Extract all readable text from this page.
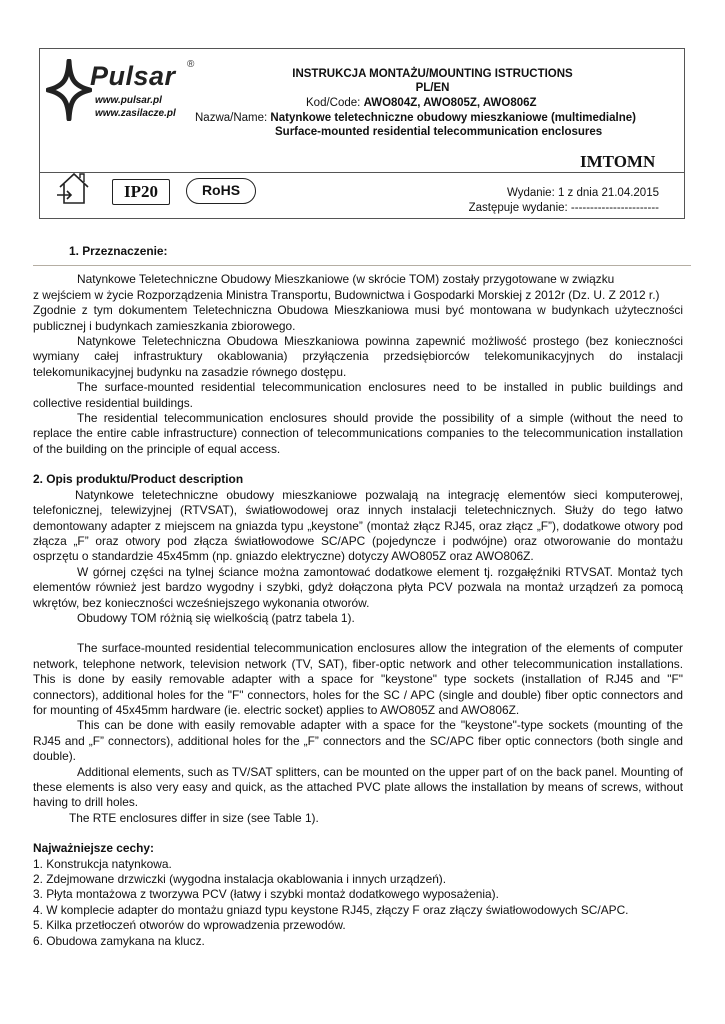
Pulsar ®
www.pulsar.pl
www.zasilacze.pl
INSTRUKCJA MONTAŻU/MOUNTING ISTRUCTIONS
PL/EN
Kod/Code: AWO804Z, AWO805Z, AWO806Z
Nazwa/Name: Natynkowe teletechniczne obudowy mieszkaniowe (multimedialne)
Surface-mounted residential telecommunication enclosures
IMTOMN
IP20	RoHS	Wydanie: 1 z dnia 21.04.2015
Zastępuje wydanie: -----------------------

1. Przeznaczenie:

Natynkowe Teletechniczne Obudowy Mieszkaniowe (w skrócie TOM) zostały przygotowane w związku

z wejściem w życie Rozporządzenia Ministra Transportu, Budownictwa i Gospodarki Morskiej z 2012r (Dz. U. Z 2012 r.)

Zgodnie z tym dokumentem Teletechniczna Obudowa Mieszkaniowa musi być montowana w budynkach użyteczności publicznej i budynkach zamieszkania zbiorowego.

Natynkowe Teletechniczna Obudowa Mieszkaniowa powinna zapewnić możliwość prostego (bez konieczności wymiany całej infrastruktury okablowania) przyłączenia przedsiębiorców telekomunikacyjnych do instalacji telekomunikacyjnej budynku na zasadzie równego dostępu.

The surface-mounted residential telecommunication enclosures need to be installed in public buildings and collective residential buildings.

The residential telecommunication enclosures should provide the possibility of a simple (without the need to replace the entire cable infrastructure) connection of telecommunications companies to the telecommunication installation of the building on the principle of equal access.

2. Opis produktu/Product description

Natynkowe teletechniczne obudowy mieszkaniowe pozwalają na integrację elementów sieci komputerowej, telefonicznej, telewizyjnej (RTVSAT), światłowodowej oraz innych instalacji teletechnicznych. Służy do tego łatwo demontowany adapter z miejscem na gniazda typu „keystone” (montaż złącz RJ45, oraz złącz „F”), dodatkowe otwory pod złącza „F” oraz otwory pod złącza światłowodowe SC/APC (pojedyncze i podwójne) oraz otworowanie do montażu osprzętu o standardzie 45x45mm (np. gniazdo elektryczne) dotyczy AWO805Z oraz AWO806Z.

W górnej części na tylnej ściance można zamontować dodatkowe element tj. rozgałęźniki RTVSAT. Montaż tych elementów również jest bardzo wygodny i szybki, gdyż dołączona płyta PCV pozwala na montaż urządzeń za pomocą wkrętów, bez konieczności wcześniejszego wykonania otworów.

Obudowy TOM różnią się wielkością (patrz tabela 1).

The surface-mounted residential telecommunication enclosures allow the integration of the elements of computer network, telephone network, television network (TV, SAT), fiber-optic network and other telecommunication installations. This is done by easily removable adapter with a space for "keystone" type sockets (installation of RJ45 and "F" connectors), additional holes for the "F" connectors, holes for the SC / APC (single and double) fiber optic connectors and for mounting of 45x45mm hardware (ie. electric socket) applies to AWO805Z and AWO806Z.

This can be done with easily removable adapter with a space for the "keystone"-type sockets (mounting of the RJ45 and „F” connectors), additional holes for the „F” connectors and the SC/APC fiber optic connectors (both single and double).

Additional elements, such as TV/SAT splitters, can be mounted on the upper part of on the back panel. Mounting of these elements is also very easy and quick, as the attached PVC plate allows the installation by means of screws, without having to drill holes.

The RTE enclosures differ in size (see Table 1).

Najważniejsze cechy:

1. Konstrukcja natynkowa.
2. Zdejmowane drzwiczki (wygodna instalacja okablowania i innych urządzeń).
3. Płyta montażowa z tworzywa PCV (łatwy i szybki montaż dodatkowego wyposażenia).
4. W komplecie adapter do montażu gniazd typu keystone RJ45, złączy F oraz złączy światłowodowych SC/APC.
5. Kilka przetłoczeń otworów do wprowadzenia przewodów.
6. Obudowa zamykana na klucz.
